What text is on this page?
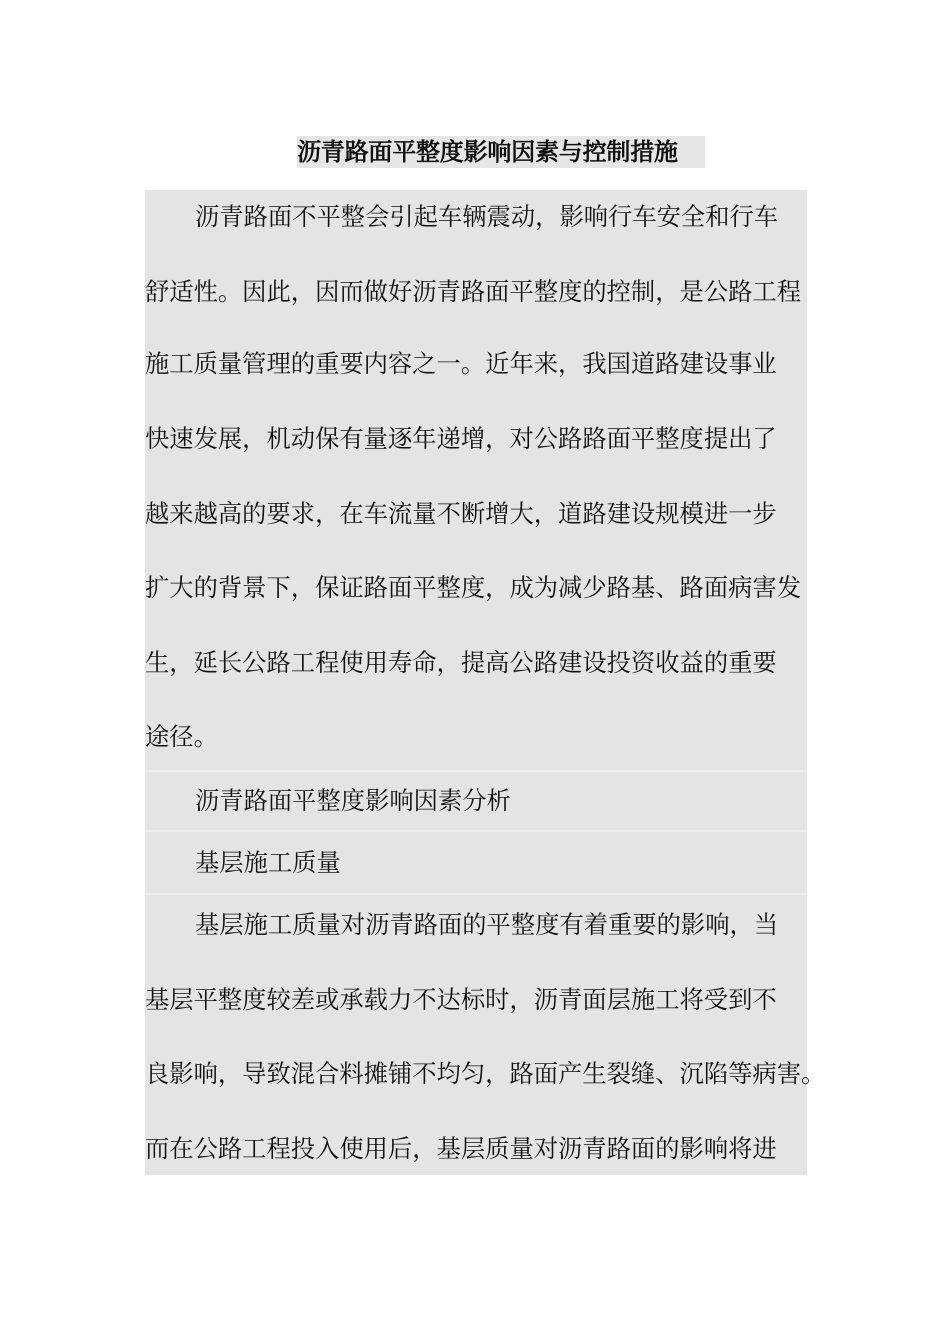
沥青路面平整度影响因素与控制措施
沥青路面不平整会引起车辆震动，影响行车安全和行车
舒适性。因此，因而做好沥青路面平整度的控制，是公路工程
施工质量管理的重要内容之一。近年来，我国道路建设事业
快速发展，机动保有量逐年递增，对公路路面平整度提出了
越来越高的要求，在车流量不断增大，道路建设规模进一步
扩大的背景下，保证路面平整度，成为减少路基、路面病害发
生，延长公路工程使用寿命，提高公路建设投资收益的重要
途径。
沥青路面平整度影响因素分析
基层施工质量
基层施工质量对沥青路面的平整度有着重要的影响，当
基层平整度较差或承载力不达标时，沥青面层施工将受到不
良影响，导致混合料摊铺不均匀，路面产生裂缝、沉陷等病害。
而在公路工程投入使用后，基层质量对沥青路面的影响将进
